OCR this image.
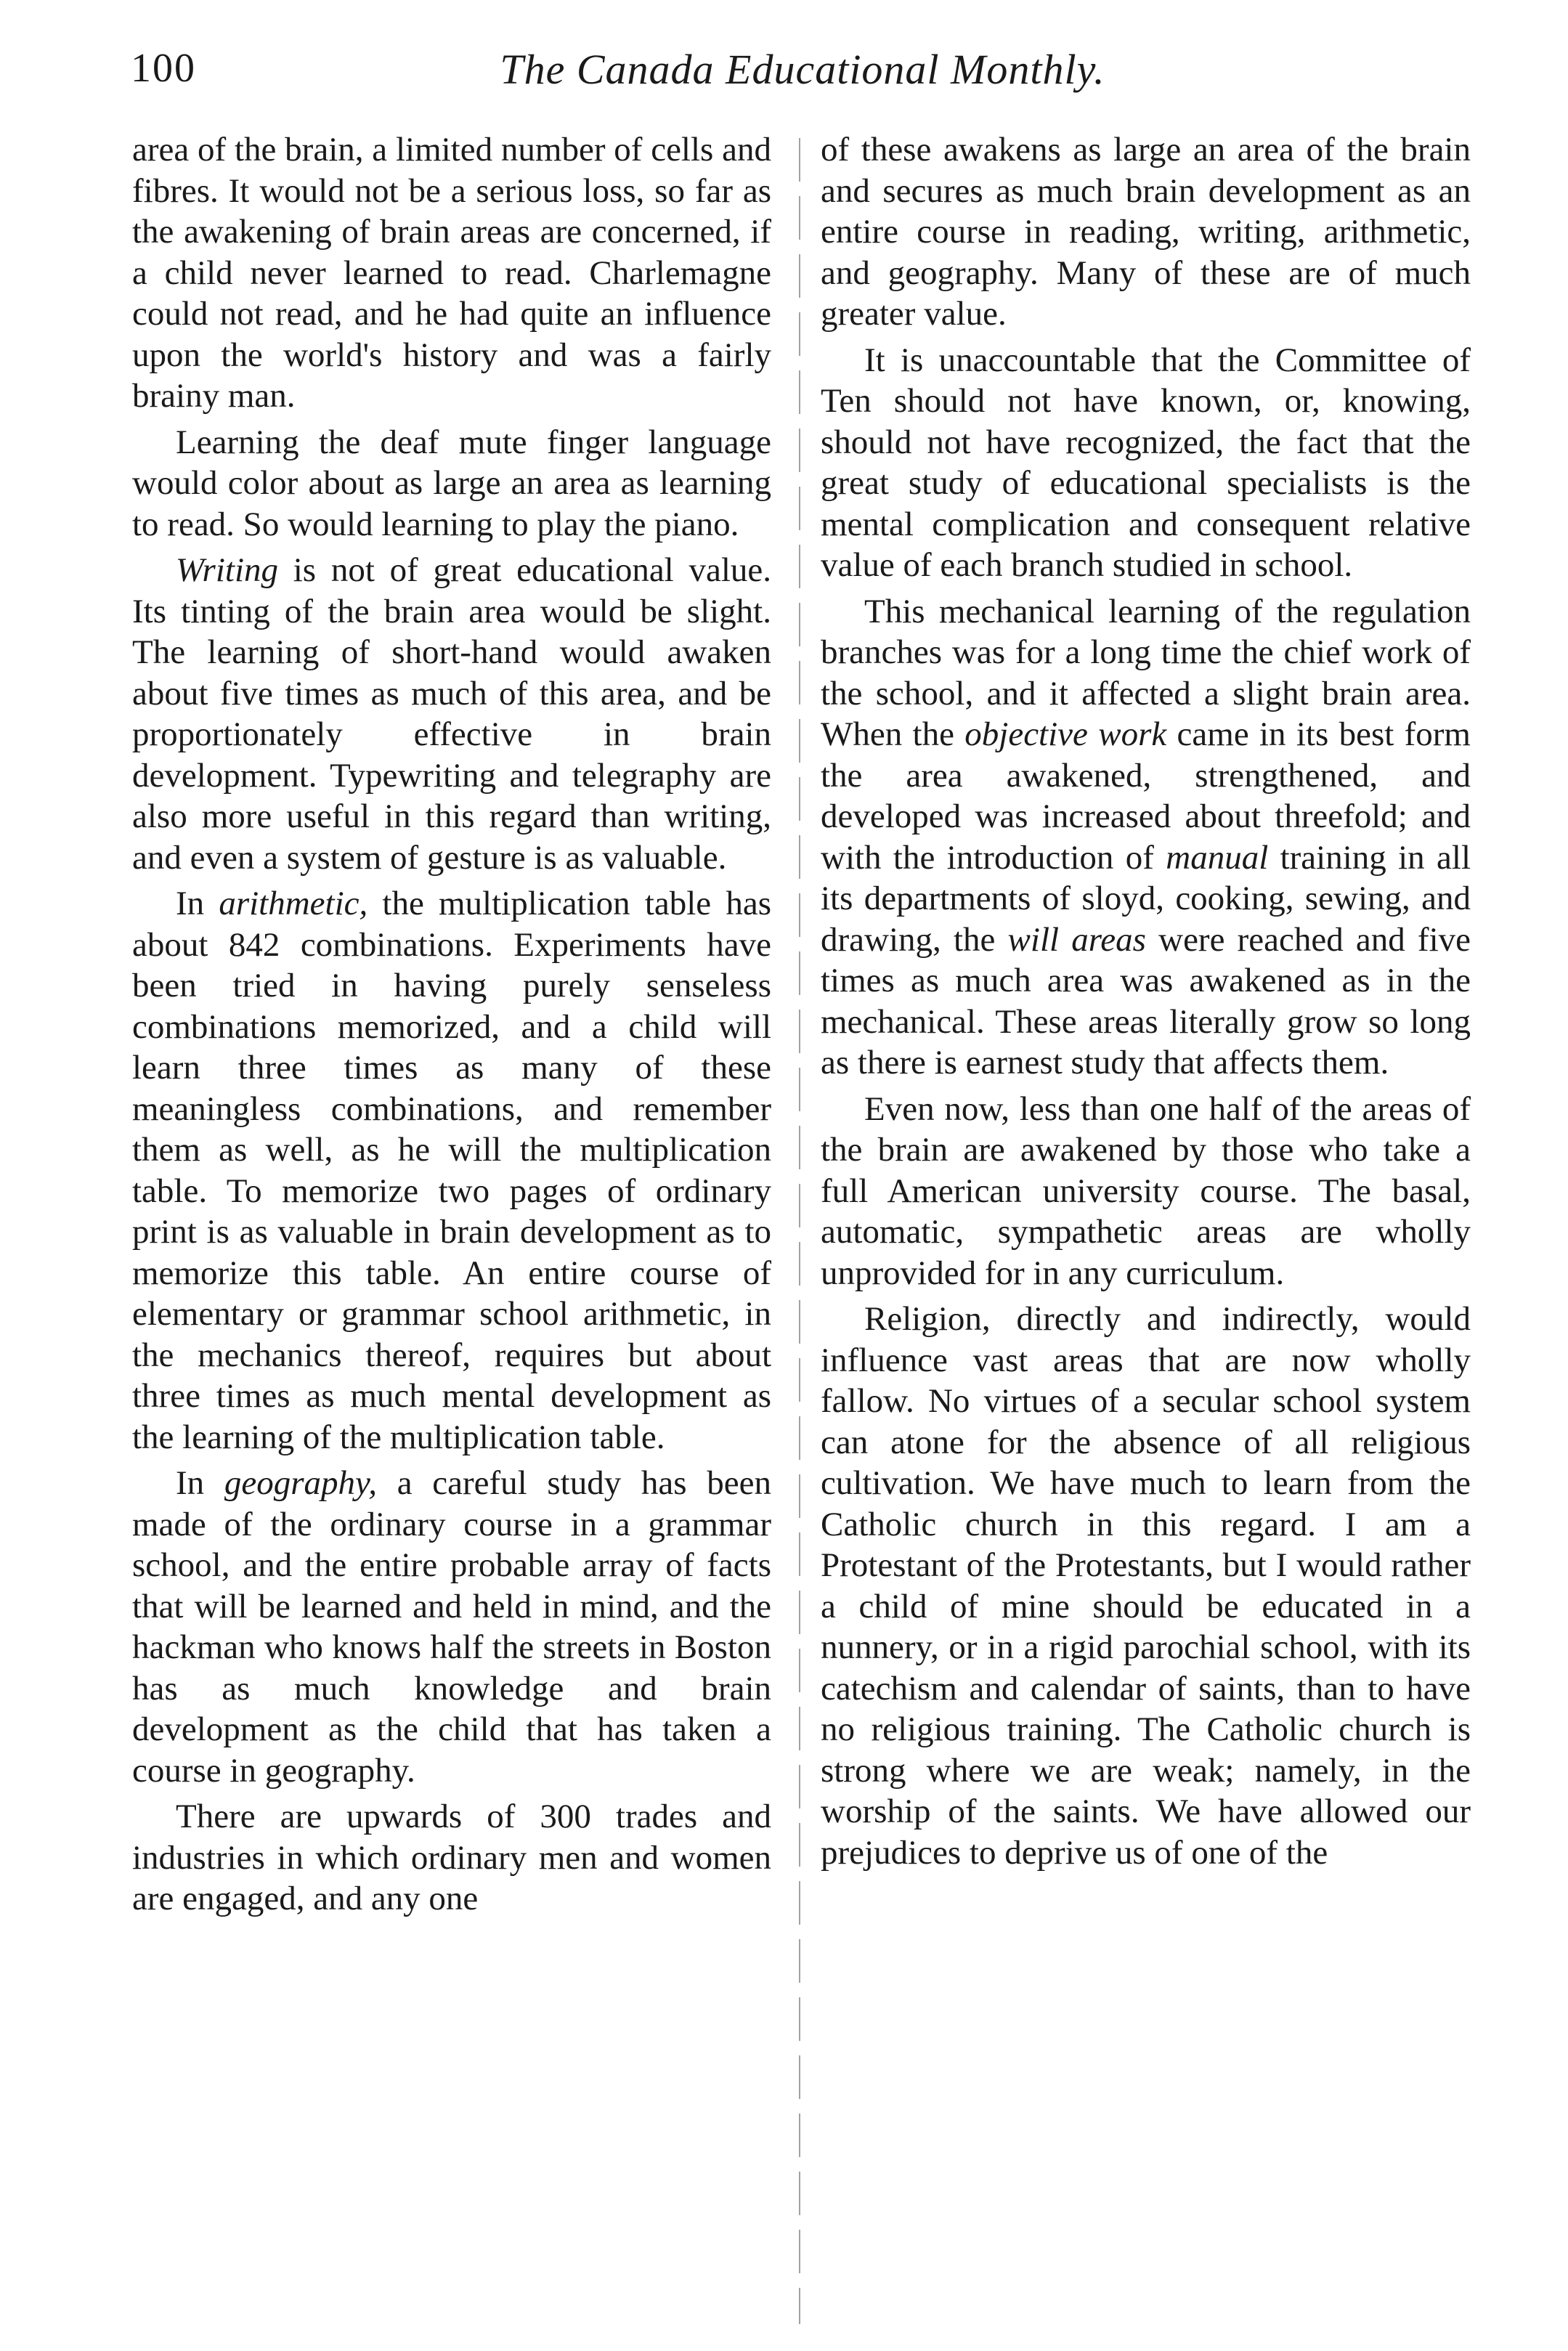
100	The Canada Educational Monthly.

area of the brain, a limited number of cells and fibres. It would not be a serious loss, so far as the awakening of brain areas are concerned, if a child never learned to read. Charlemagne could not read, and he had quite an influence upon the world's history and was a fairly brainy man.

Learning the deaf mute finger language would color about as large an area as learning to read. So would learning to play the piano.

Writing is not of great educational value. Its tinting of the brain area would be slight. The learning of short-hand would awaken about five times as much of this area, and be proportionately effective in brain development. Typewriting and telegraphy are also more useful in this regard than writing, and even a system of gesture is as valuable.

In arithmetic, the multiplication table has about 842 combinations. Experiments have been tried in having purely senseless combinations memorized, and a child will learn three times as many of these meaningless combinations, and remember them as well, as he will the multiplication table. To memorize two pages of ordinary print is as valuable in brain development as to memorize this table. An entire course of elementary or grammar school arithmetic, in the mechanics thereof, requires but about three times as much mental development as the learning of the multiplication table.

In geography, a careful study has been made of the ordinary course in a grammar school, and the entire probable array of facts that will be learned and held in mind, and the hackman who knows half the streets in Boston has as much knowledge and brain development as the child that has taken a course in geography.

There are upwards of 300 trades and industries in which ordinary men and women are engaged, and any one

of these awakens as large an area of the brain and secures as much brain development as an entire course in reading, writing, arithmetic, and geography. Many of these are of much greater value.

It is unaccountable that the Committee of Ten should not have known, or, knowing, should not have recognized, the fact that the great study of educational specialists is the mental complication and consequent relative value of each branch studied in school.

This mechanical learning of the regulation branches was for a long time the chief work of the school, and it affected a slight brain area. When the objective work came in its best form the area awakened, strengthened, and developed was increased about threefold; and with the introduction of manual training in all its departments of sloyd, cooking, sewing, and drawing, the will areas were reached and five times as much area was awakened as in the mechanical. These areas literally grow so long as there is earnest study that affects them.

Even now, less than one half of the areas of the brain are awakened by those who take a full American university course. The basal, automatic, sympathetic areas are wholly unprovided for in any curriculum.

Religion, directly and indirectly, would influence vast areas that are now wholly fallow. No virtues of a secular school system can atone for the absence of all religious cultivation. We have much to learn from the Catholic church in this regard. I am a Protestant of the Protestants, but I would rather a child of mine should be educated in a nunnery, or in a rigid parochial school, with its catechism and calendar of saints, than to have no religious training. The Catholic church is strong where we are weak; namely, in the worship of the saints. We have allowed our prejudices to deprive us of one of the
